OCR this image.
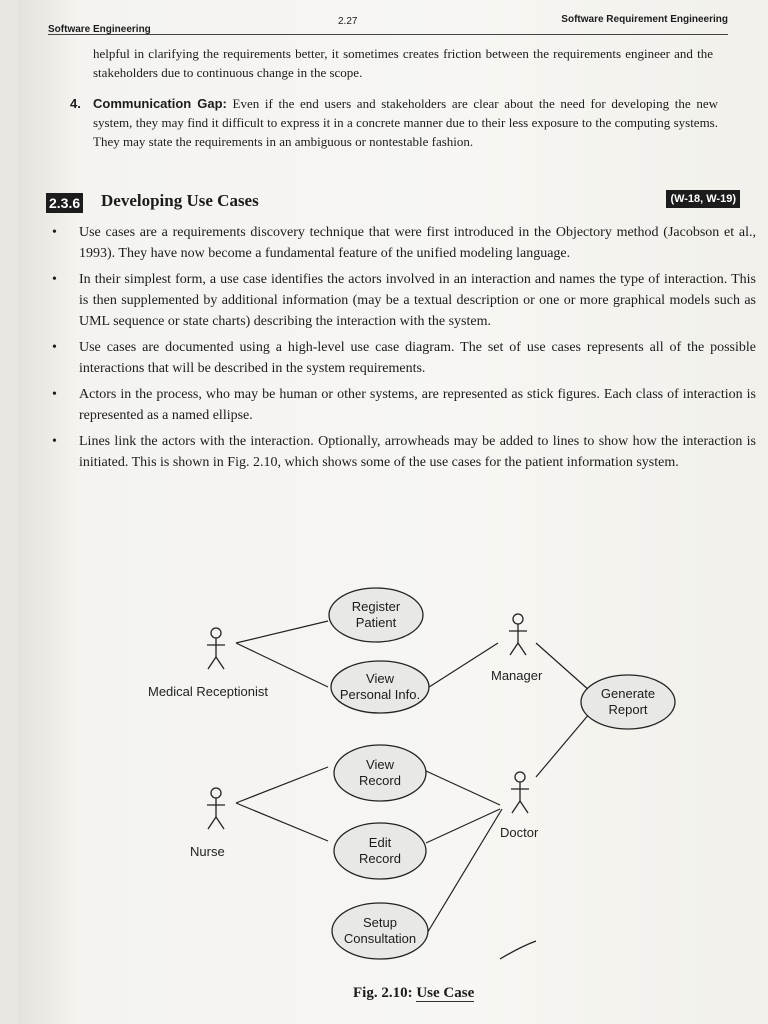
Software Engineering
2.27	Software Requirement Engineering
helpful in clarifying the requirements better, it sometimes creates friction between the requirements engineer and the stakeholders due to continuous change in the scope.
4. Communication Gap: Even if the end users and stakeholders are clear about the need for developing the new system, they may find it difficult to express it in a concrete manner due to their less exposure to the computing systems. They may state the requirements in an ambiguous or nontestable fashion.
2.3.6 Developing Use Cases	(W-18, W-19)
• Use cases are a requirements discovery technique that were first introduced in the Objectory method (Jacobson et al., 1993). They have now become a fundamental feature of the unified modeling language.
• In their simplest form, a use case identifies the actors involved in an interaction and names the type of interaction. This is then supplemented by additional information (may be a textual description or one or more graphical models such as UML sequence or state charts) describing the interaction with the system.
• Use cases are documented using a high-level use case diagram. The set of use cases represents all of the possible interactions that will be described in the system requirements.
• Actors in the process, who may be human or other systems, are represented as stick figures. Each class of interaction is represented as a named ellipse.
• Lines link the actors with the interaction. Optionally, arrowheads may be added to lines to show how the interaction is initiated. This is shown in Fig. 2.10, which shows some of the use cases for the patient information system.
Medical Receptionist
Manager
Nurse
Doctor
Register
Patient
View
Personal Info.
View
Record
Edit
Record
Setup
Consultation
Generate
Report
Fig. 2.10: Use Case
